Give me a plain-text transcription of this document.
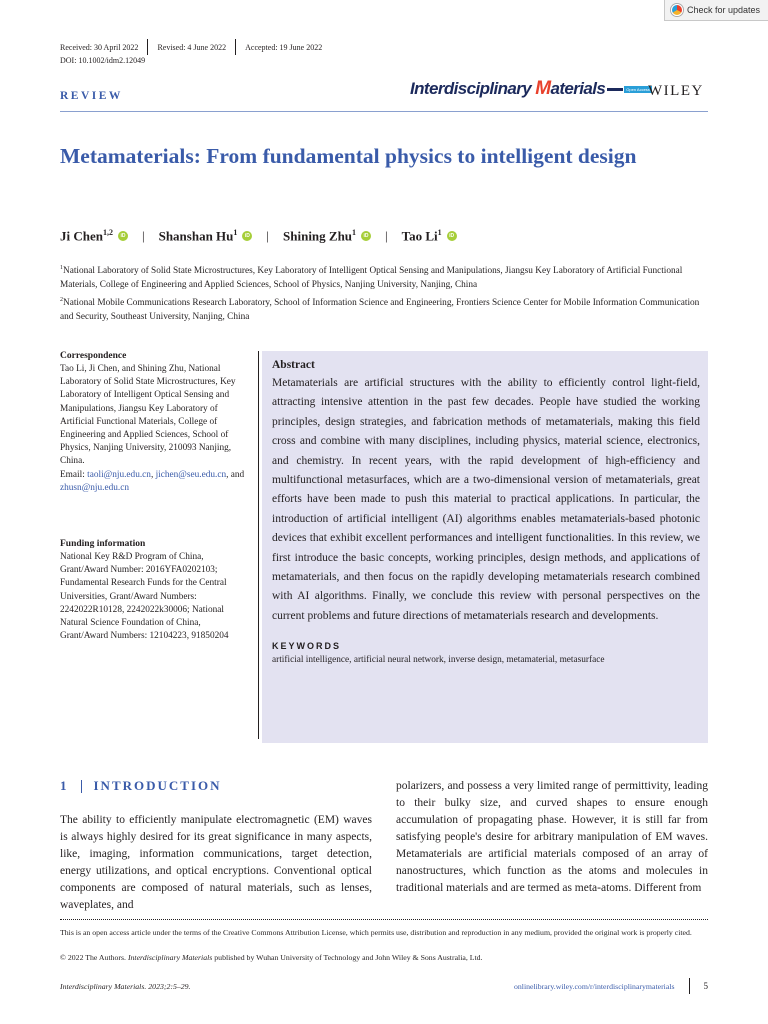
Check for updates
Received: 30 April 2022 Revised: 4 June 2022 Accepted: 19 June 2022
DOI: 10.1002/idm2.12049
REVIEW	Interdisciplinary Materials	Open Access
WILEY
Metamaterials: From fundamental physics to intelligent design
Ji Chen$^{1,2}$	iD | Shanshan Hu$^1$	iD | Shining Zhu$^1$	iD | Tao Li$^1$	iD

$^1$National Laboratory of Solid State Microstructures, Key Laboratory of Intelligent Optical Sensing and Manipulations, Jiangsu Key Laboratory of Artificial Functional Materials, College of Engineering and Applied Sciences, School of Physics, Nanjing University, Nanjing, China

$^2$National Mobile Communications Research Laboratory, School of Information Science and Engineering, Frontiers Science Center for Mobile Information Communication and Security, Southeast University, Nanjing, China

Correspondence

Tao Li, Ji Chen, and Shining Zhu, National Laboratory of Solid State Microstructures, Key Laboratory of Intelligent Optical Sensing and Manipulations, Jiangsu Key Laboratory of Artificial Functional Materials, College of Engineering and Applied Sciences, School of Physics, Nanjing University, 210093 Nanjing, China.
Email: taoli@nju.edu.cn, jichen@seu.edu.cn, and zhusn@nju.edu.cn

Funding information

National Key R&D Program of China, Grant/Award Number: 2016YFA0202103; Fundamental Research Funds for the Central Universities, Grant/Award Numbers: 2242022R10128, 2242022k30006; National Natural Science Foundation of China, Grant/Award Numbers: 12104223, 91850204

Abstract

Metamaterials are artificial structures with the ability to efficiently control light-field, attracting intensive attention in the past few decades. People have studied the working principles, design strategies, and fabrication methods of metamaterials, making this field cross and combine with many disciplines, including physics, material science, electronics, and chemistry. In recent years, with the rapid development of high-efficiency and multifunctional metasurfaces, which are a two-dimensional version of metamaterials, great efforts have been made to push this material to practical applications. In particular, the introduction of artificial intelligent (AI) algorithms enables metamaterials-based photonic devices that exhibit excellent performances and intelligent functionalities. In this review, we first introduce the basic concepts, working principles, design methods, and applications of metamaterials, and then focus on the rapidly developing metamaterials research combined with AI algorithms. Finally, we conclude this review with personal perspectives on the current problems and future directions of metamaterials research and developments.

KEYWORDS
artificial intelligence, artificial neural network, inverse design, metamaterial, metasurface
1 INTRODUCTION

The ability to efficiently manipulate electromagnetic (EM) waves is always highly desired for its great significance in many aspects, like, imaging, information communications, target detection, energy utilizations, and optical encryptions. Conventional optical components are composed of natural materials, such as lenses, waveplates, and

polarizers, and possess a very limited range of permittivity, leading to their bulky size, and curved shapes to ensure enough accumulation of propagating phase. However, it is still far from satisfying people's desire for arbitrary manipulation of EM waves. Metamaterials are artificial materials composed of an array of nanostructures, which function as the atoms and molecules in traditional materials and are termed as meta-atoms. Different from

This is an open access article under the terms of the Creative Commons Attribution License, which permits use, distribution and reproduction in any medium, provided the original work is properly cited.

© 2022 The Authors. Interdisciplinary Materials published by Wuhan University of Technology and John Wiley & Sons Australia, Ltd.

Interdisciplinary Materials. 2023;2:5–29.	onlinelibrary.wiley.com/r/interdisciplinarymaterials	5
